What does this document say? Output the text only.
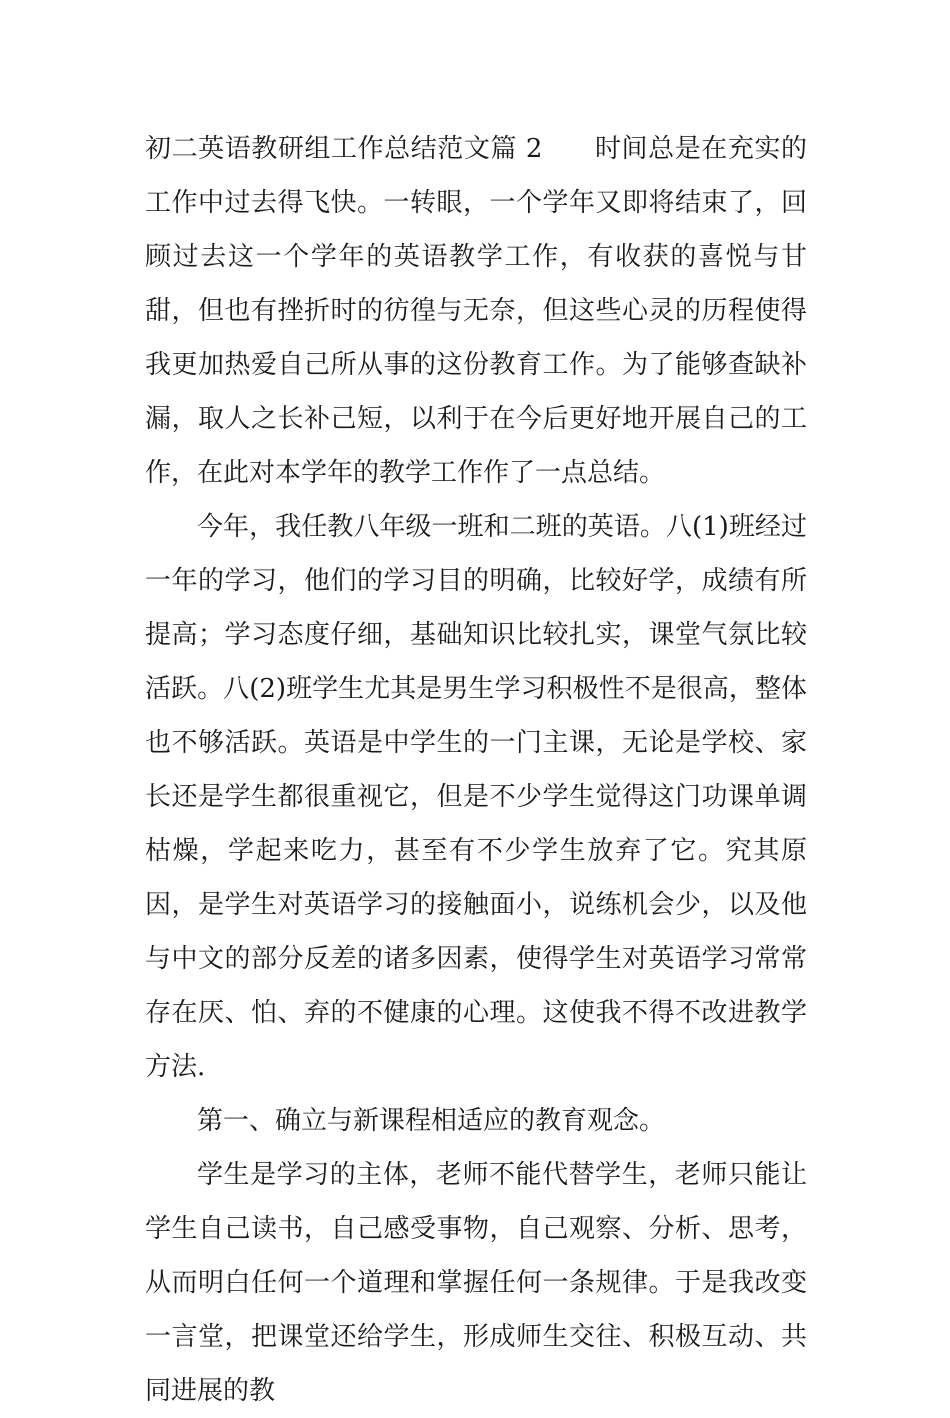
初二英语教研组工作总结范文篇 2 时间总是在充实的工作中过去得飞快。一转眼，一个学年又即将结束了，回顾过去这一个学年的英语教学工作，有收获的喜悦与甘甜，但也有挫折时的彷徨与无奈，但这些心灵的历程使得我更加热爱自己所从事的这份教育工作。为了能够查缺补漏，取人之长补己短，以利于在今后更好地开展自己的工作，在此对本学年的教学工作作了一点总结。

今年，我任教八年级一班和二班的英语。八(1)班经过一年的学习，他们的学习目的明确，比较好学，成绩有所提高；学习态度仔细，基础知识比较扎实，课堂气氛比较活跃。八(2)班学生尤其是男生学习积极性不是很高，整体也不够活跃。英语是中学生的一门主课，无论是学校、家长还是学生都很重视它，但是不少学生觉得这门功课单调枯燥，学起来吃力，甚至有不少学生放弃了它。究其原因，是学生对英语学习的接触面小，说练机会少，以及他与中文的部分反差的诸多因素，使得学生对英语学习常常存在厌、怕、弃的不健康的心理。这使我不得不改进教学方法.

第一、确立与新课程相适应的教育观念。

学生是学习的主体，老师不能代替学生，老师只能让学生自己读书，自己感受事物，自己观察、分析、思考，从而明白任何一个道理和掌握任何一条规律。于是我改变一言堂，把课堂还给学生，形成师生交往、积极互动、共同进展的教
